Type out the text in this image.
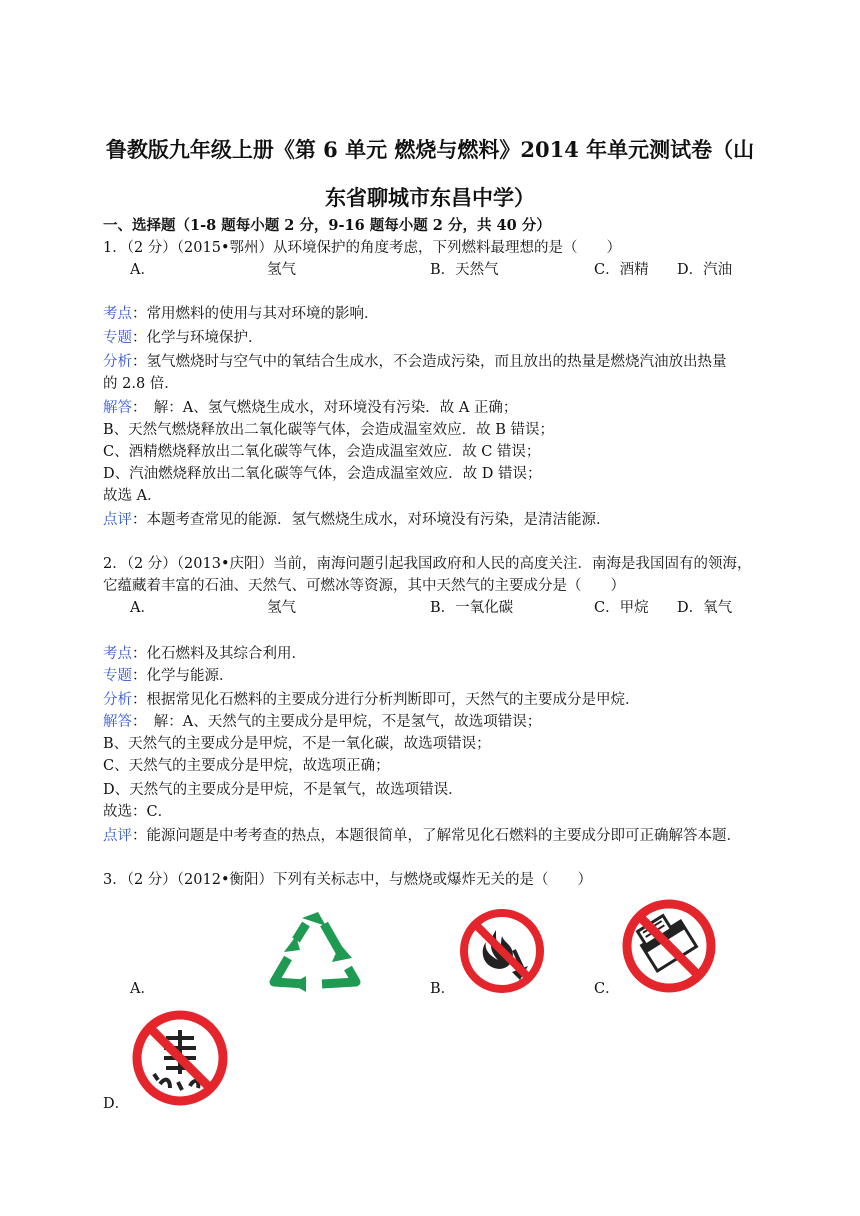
鲁教版九年级上册《第 6 单元 燃烧与燃料》2014 年单元测试卷（山
东省聊城市东昌中学）
一、选择题（1-8 题每小题 2 分，9-16 题每小题 2 分，共 40 分）
1．（2 分）（2015•鄂州）从环境保护的角度考虑，下列燃料最理想的是（　　）
A．	氢气	B．天然气	C．酒精 D．汽油
考点：常用燃料的使用与其对环境的影响．
专题：化学与环境保护．
分析：氢气燃烧时与空气中的氧结合生成水，不会造成污染，而且放出的热量是燃烧汽油放出热量
的 2.8 倍．
解答：　解：A、氢气燃烧生成水，对环境没有污染．故 A 正确；
B、天然气燃烧释放出二氧化碳等气体，会造成温室效应．故 B 错误；
C、酒精燃烧释放出二氧化碳等气体，会造成温室效应．故 C 错误；
D、汽油燃烧释放出二氧化碳等气体，会造成温室效应．故 D 错误；
故选 A．
点评：本题考查常见的能源．氢气燃烧生成水，对环境没有污染，是清洁能源．
2．（2 分）（2013•庆阳）当前，南海问题引起我国政府和人民的高度关注．南海是我国固有的领海，
它蕴藏着丰富的石油、天然气、可燃冰等资源，其中天然气的主要成分是（　　）
A．	氢气	B．一氧化碳	C．甲烷 D．氧气
考点：化石燃料及其综合利用．
专题：化学与能源．
分析：根据常见化石燃料的主要成分进行分析判断即可，天然气的主要成分是甲烷．
解答：　解：A、天然气的主要成分是甲烷，不是氢气，故选项错误；
B、天然气的主要成分是甲烷，不是一氧化碳，故选项错误；
C、天然气的主要成分是甲烷，故选项正确；
D、天然气的主要成分是甲烷，不是氧气，故选项错误．
故选：C．
点评：能源问题是中考考查的热点，本题很简单，了解常见化石燃料的主要成分即可正确解答本题．
3．（2 分）（2012•衡阳）下列有关标志中，与燃烧或爆炸无关的是（　　）
A．	B．	C．
D．
